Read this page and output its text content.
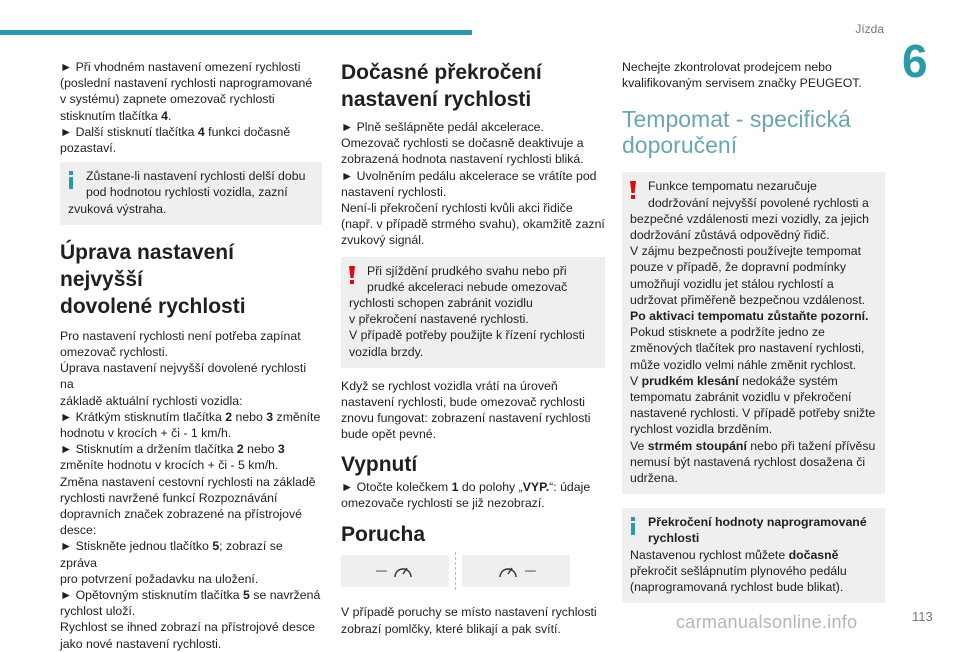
Jízda
6
113
carmanualsonline.info

► Při vhodném nastavení omezení rychlosti

(poslední nastavení rychlosti naprogramované

v systému) zapnete omezovač rychlosti

stisknutím tlačítka 4.

► Další stisknutí tlačítka 4 funkci dočasně

pozastaví.

Zůstane-li nastavení rychlosti delší dobu

pod hodnotou rychlosti vozidla, zazní

zvuková výstraha.

Úprava nastavení nejvyšší

dovolené rychlosti

Pro nastavení rychlosti není potřeba zapínat

omezovač rychlosti.

Úprava nastavení nejvyšší dovolené rychlosti na

základě aktuální rychlosti vozidla:

► Krátkým stisknutím tlačítka 2 nebo 3 změníte

hodnotu v krocích + či - 1 km/h.

► Stisknutím a držením tlačítka 2 nebo 3

změníte hodnotu v krocích + či - 5 km/h.

Změna nastavení cestovní rychlosti na základě

rychlosti navržené funkcí Rozpoznávání

dopravních značek zobrazené na přístrojové

desce:

► Stiskněte jednou tlačítko 5; zobrazí se zpráva

pro potvrzení požadavku na uložení.

► Opětovným stisknutím tlačítka 5 se navržená

rychlost uloží.

Rychlost se ihned zobrazí na přístrojové desce

jako nové nastavení rychlosti.

Dočasné překročení

nastavení rychlosti

► Plně sešlápněte pedál akcelerace.

Omezovač rychlosti se dočasně deaktivuje a

zobrazená hodnota nastavení rychlosti bliká.

► Uvolněním pedálu akcelerace se vrátíte pod

nastavení rychlosti.

Není-li překročení rychlosti kvůli akci řidiče

(např. v případě strmého svahu), okamžitě zazní

zvukový signál.

Při sjíždění prudkého svahu nebo při

prudké akceleraci nebude omezovač

rychlosti schopen zabránit vozidlu

v překročení nastavené rychlosti.

V případě potřeby použijte k řízení rychlosti

vozidla brzdy.

Když se rychlost vozidla vrátí na úroveň

nastavení rychlosti, bude omezovač rychlosti

znovu fungovat: zobrazení nastavení rychlosti

bude opět pevné.

Vypnutí

► Otočte kolečkem 1 do polohy „VYP.“: údaje

omezovače rychlosti se již nezobrazí.

Porucha

----	----

V případě poruchy se místo nastavení rychlosti

zobrazí pomlčky, které blikají a pak svítí.

Nechejte zkontrolovat prodejcem nebo

kvalifikovaným servisem značky PEUGEOT.

Tempomat - specifická

doporučení

Funkce tempomatu nezaručuje

dodržování nejvyšší povolené rychlosti a

bezpečné vzdálenosti mezi vozidly, za jejich

dodržování zůstává odpovědný řidič.

V zájmu bezpečnosti používejte tempomat

pouze v případě, že dopravní podmínky

umožňují vozidlu jet stálou rychlostí a

udržovat přiměřeně bezpečnou vzdálenost.

Po aktivaci tempomatu zůstaňte pozorní.

Pokud stisknete a podržíte jedno ze

změnových tlačítek pro nastavení rychlosti,

může vozidlo velmi náhle změnit rychlost.

V prudkém klesání nedokáže systém

tempomatu zabránit vozidlu v překročení

nastavené rychlosti. V případě potřeby snižte

rychlost vozidla brzděním.

Ve strmém stoupání nebo při tažení přívěsu

nemusí být nastavená rychlost dosažena či

udržena.

Překročení hodnoty naprogramované

rychlosti

Nastavenou rychlost můžete dočasně

překročit sešlápnutím plynového pedálu

(naprogramovaná rychlost bude blikat).
